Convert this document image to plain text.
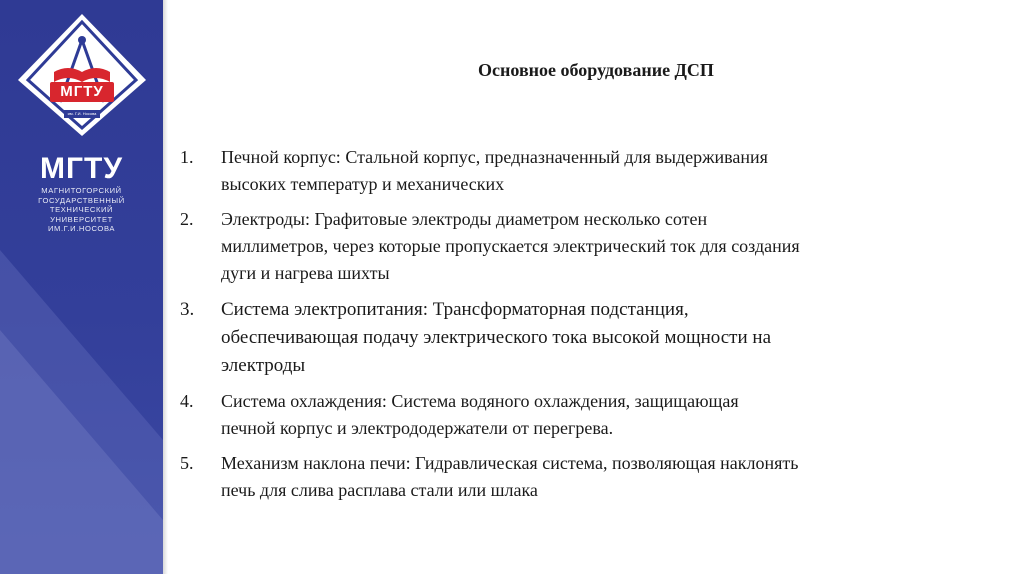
МГТУ
им. Г.И. Носова
МГТУ
МАГНИТОГОРСКИЙ
ГОСУДАРСТВЕННЫЙ
ТЕХНИЧЕСКИЙ
УНИВЕРСИТЕТ
ИМ.Г.И.НОСОВА
Основное оборудование ДСП
1. Печной корпус: Стальной корпус, предназначенный для выдерживания
высоких температур и механических
2. Электроды: Графитовые электроды диаметром несколько сотен
миллиметров, через которые пропускается электрический ток для создания
дуги и нагрева шихты
3. Система электропитания: Трансформаторная подстанция,
обеспечивающая подачу электрического тока высокой мощности на
электроды
4. Система охлаждения: Система водяного охлаждения, защищающая
печной корпус и электрододержатели от перегрева.
5. Механизм наклона печи: Гидравлическая система, позволяющая наклонять
печь для слива расплава стали или шлака
